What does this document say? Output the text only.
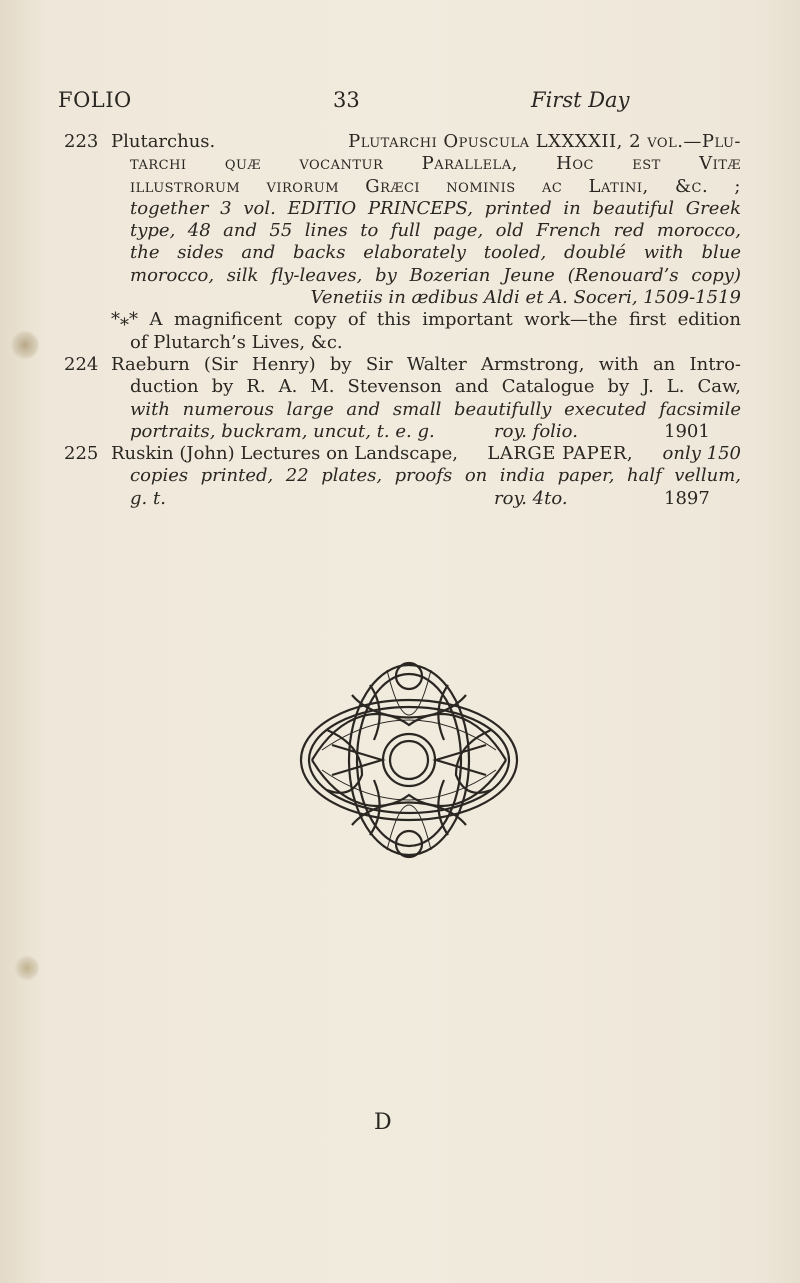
FOLIO	33	First Day
223 Plutarchus.	Plutarchi Opuscula LXXXXII, 2 vol.—Plu-
tarchi quæ vocantur Parallela, Hoc est Vitæ
illustrorum virorum Græci nominis ac Latini, &c. ;
together 3 vol. EDITIO PRINCEPS, printed in beautiful Greek
type, 48 and 55 lines to full page, old French red morocco,
the sides and backs elaborately tooled, doublé with blue
morocco, silk fly-leaves, by Bozerian Jeune (Renouard’s copy)
Venetiis in ædibus Aldi et A. Soceri, 1509-1519
*⁎* A magnificent copy of this important work—the first edition
of Plutarch’s Lives, &c.
224 Raeburn (Sir Henry) by Sir Walter Armstrong, with an Intro-
duction by R. A. M. Stevenson and Catalogue by J. L. Caw,
with numerous large and small beautifully executed facsimile
portraits, buckram, uncut, t. e. g.	roy. folio.	1901
225 Ruskin (John) Lectures on Landscape, LARGE PAPER, only 150
copies printed, 22 plates, proofs on india paper, half vellum,
g. t.	roy. 4to.	1897
D
